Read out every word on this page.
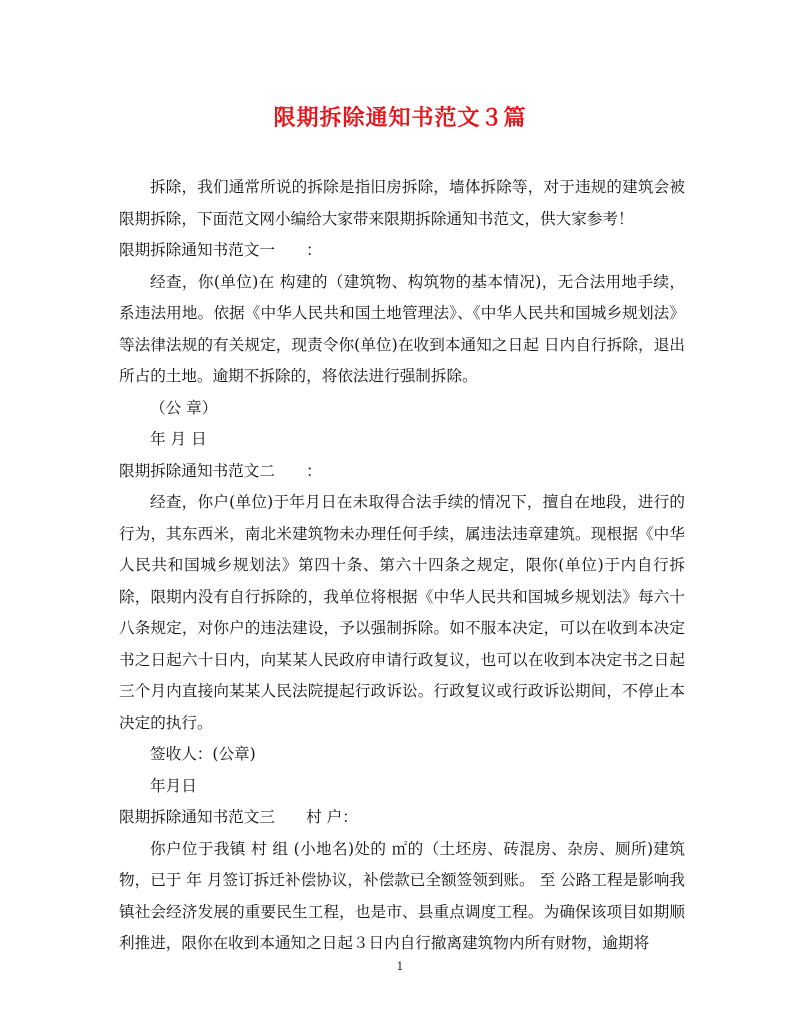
限期拆除通知书范文３篇

拆除，我们通常所说的拆除是指旧房拆除，墙体拆除等，对于违规的建筑会被限期拆除，下面范文网小编给大家带来限期拆除通知书范文，供大家参考！

限期拆除通知书范文一　　：

经查，你(单位)在 构建的（建筑物、构筑物的基本情况)，无合法用地手续，系违法用地。依据《中华人民共和国土地管理法》、《中华人民共和国城乡规划法》等法律法规的有关规定，现责令你(单位)在收到本通知之日起 日内自行拆除，退出所占的土地。逾期不拆除的，将依法进行强制拆除。

（公 章）

年 月 日

限期拆除通知书范文二　　：

经查，你户(单位)于年月日在未取得合法手续的情况下，擅自在地段，进行的行为，其东西米，南北米建筑物未办理任何手续，属违法违章建筑。现根据《中华人民共和国城乡规划法》第四十条、第六十四条之规定，限你(单位)于内自行拆除，限期内没有自行拆除的，我单位将根据《中华人民共和国城乡规划法》每六十八条规定，对你户的违法建设，予以强制拆除。如不服本决定，可以在收到本决定书之日起六十日内，向某某人民政府申请行政复议，也可以在收到本决定书之日起三个月内直接向某某人民法院提起行政诉讼。行政复议或行政诉讼期间，不停止本决定的执行。

签收人：(公章)

年月日

限期拆除通知书范文三　　村 户：

你户位于我镇 村 组 (小地名)处的 ㎡的（土坯房、砖混房、杂房、厕所)建筑物，已于 年 月签订拆迁补偿协议，补偿款已全额签领到账。 至 公路工程是影响我镇社会经济发展的重要民生工程，也是市、县重点调度工程。为确保该项目如期顺利推进，限你在收到本通知之日起３日内自行撤离建筑物内所有财物，逾期将

1
